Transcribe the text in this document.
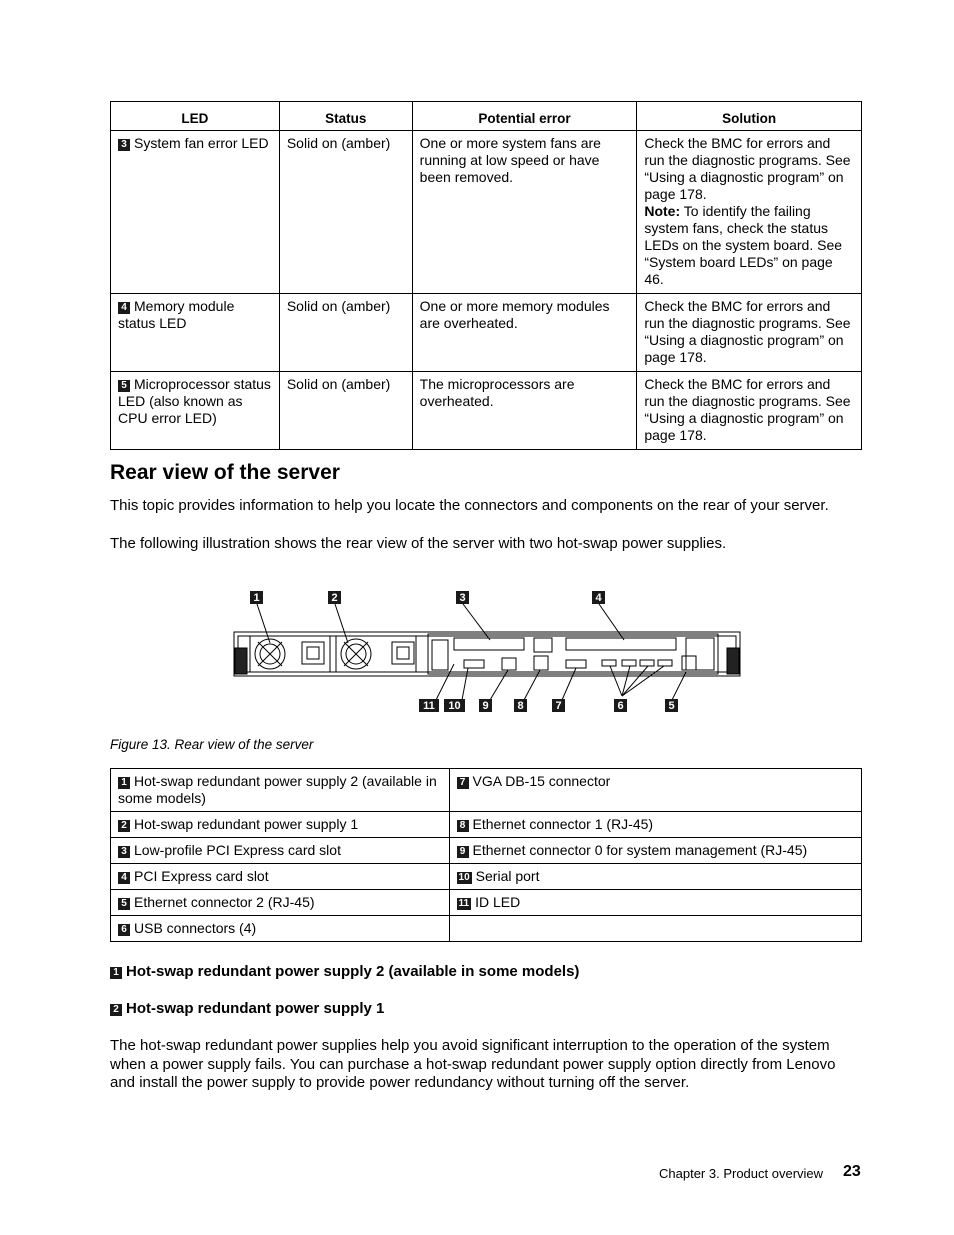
LED	Status	Potential error	Solution
3 System fan error LED	Solid on (amber)	One or more system fans are running at low speed or have been removed.	Check the BMC for errors and run the diagnostic programs. See “Using a diagnostic program” on page 178.
Note: To identify the failing system fans, check the status LEDs on the system board. See “System board LEDs” on page 46.
4 Memory module status LED	Solid on (amber)	One or more memory modules are overheated.	Check the BMC for errors and run the diagnostic programs. See “Using a diagnostic program” on page 178.
5 Microprocessor status LED (also known as CPU error LED)	Solid on (amber)	The microprocessors are overheated.	Check the BMC for errors and run the diagnostic programs. See “Using a diagnostic program” on page 178.
Rear view of the server

This topic provides information to help you locate the connectors and components on the rear of your server.

The following illustration shows the rear view of the server with two hot-swap power supplies.

1	2	3	4
11	10	9	8	7	6	5

Figure 13. Rear view of the server

1 Hot-swap redundant power supply 2 (available in some models)	7 VGA DB-15 connector
2 Hot-swap redundant power supply 1	8 Ethernet connector 1 (RJ-45)
3 Low-profile PCI Express card slot	9 Ethernet connector 0 for system management (RJ-45)
4 PCI Express card slot	10 Serial port
5 Ethernet connector 2 (RJ-45)	11 ID LED
6 USB connectors (4)	

1 Hot-swap redundant power supply 2 (available in some models)

2 Hot-swap redundant power supply 1

The hot-swap redundant power supplies help you avoid significant interruption to the operation of the system when a power supply fails. You can purchase a hot-swap redundant power supply option directly from Lenovo and install the power supply to provide power redundancy without turning off the server.

Chapter 3. Product overview 23
